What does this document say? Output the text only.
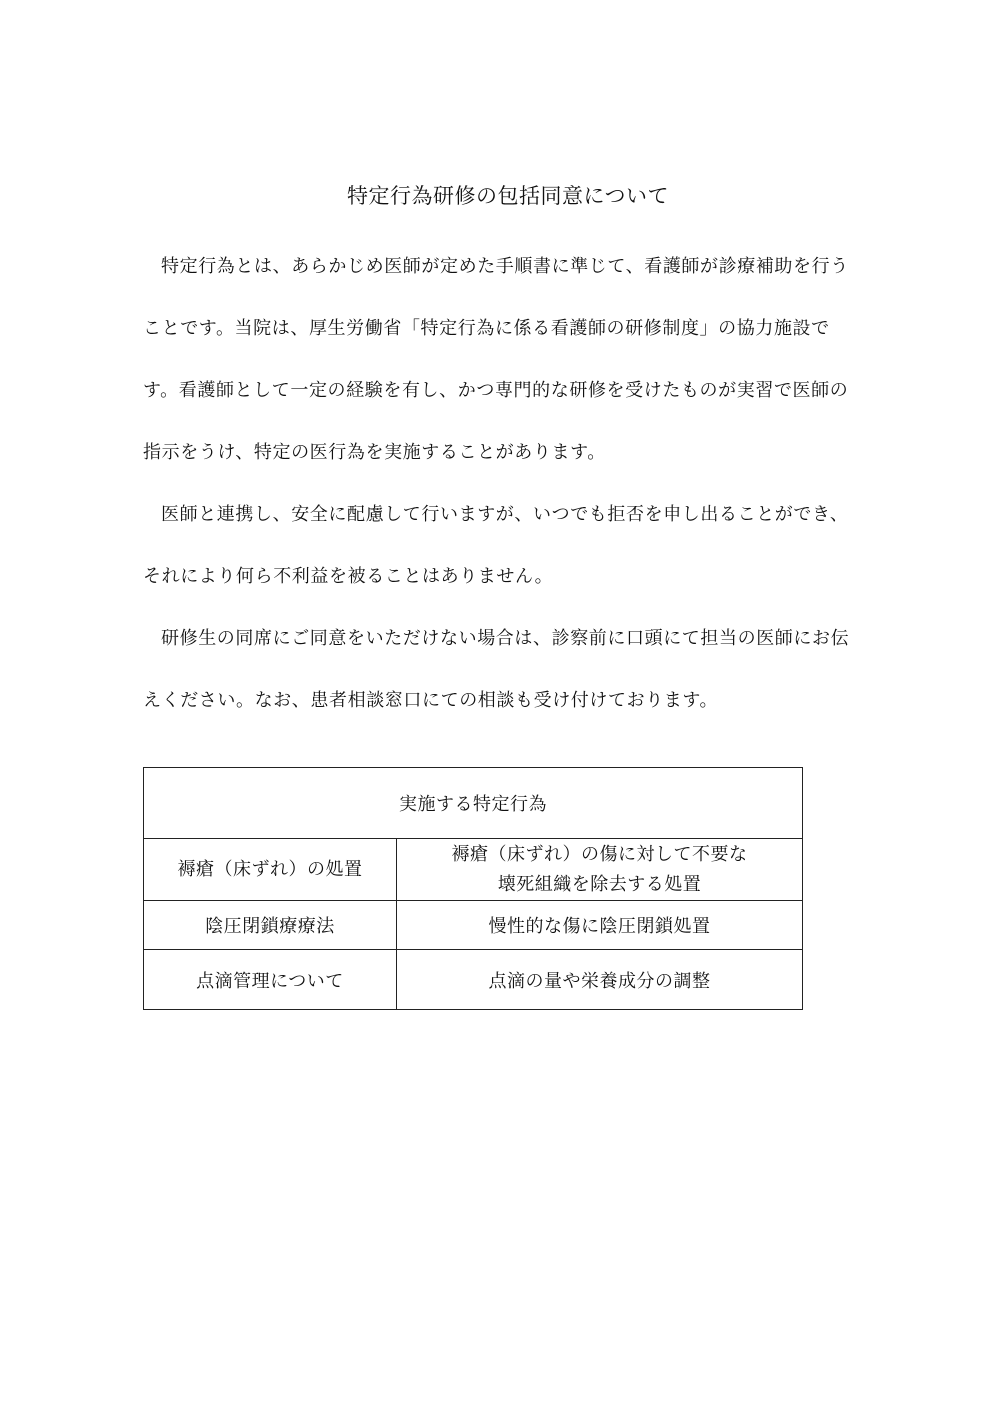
特定行為研修の包括同意について

特定行為とは、あらかじめ医師が定めた手順書に準じて、看護師が診療補助を行うことです。当院は、厚生労働省「特定行為に係る看護師の研修制度」の協力施設です。看護師として一定の経験を有し、かつ専門的な研修を受けたものが実習で医師の指示をうけ、特定の医行為を実施することがあります。

医師と連携し、安全に配慮して行いますが、いつでも拒否を申し出ることができ、それにより何ら不利益を被ることはありません。

研修生の同席にご同意をいただけない場合は、診察前に口頭にて担当の医師にお伝えください。なお、患者相談窓口にての相談も受け付けております。

実施する特定行為	
褥瘡（床ずれ）の処置	褥瘡（床ずれ）の傷に対して不要な
壊死組織を除去する処置
陰圧閉鎖療療法	慢性的な傷に陰圧閉鎖処置
点滴管理について	点滴の量や栄養成分の調整
